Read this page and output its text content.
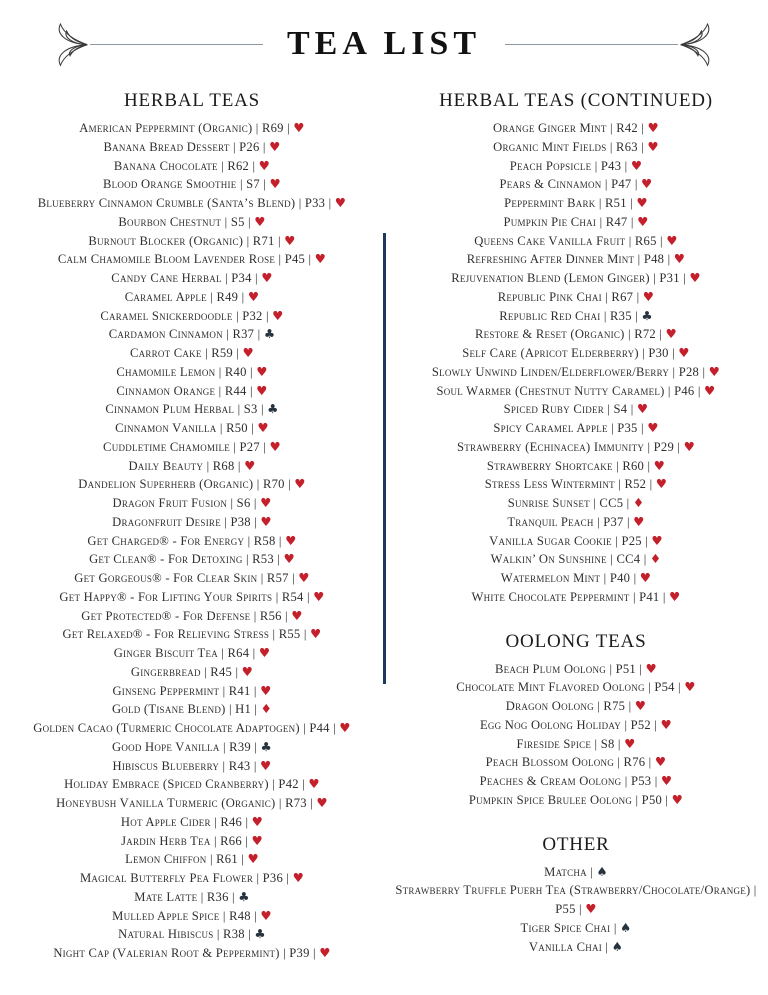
TEA LIST
HERBAL TEAS
American Peppermint (Organic) | R69 | ♥
Banana Bread Dessert | P26 | ♥
Banana Chocolate | R62 | ♥
Blood Orange Smoothie | S7 | ♥
Blueberry Cinnamon Crumble (Santa’s Blend) | P33 | ♥
Bourbon Chestnut | S5 | ♥
Burnout Blocker (Organic) | R71 | ♥
Calm Chamomile Bloom Lavender Rose | P45 | ♥
Candy Cane Herbal | P34 | ♥
Caramel Apple | R49 | ♥
Caramel Snickerdoodle | P32 | ♥
Cardamon Cinnamon | R37 | ♣
Carrot Cake | R59 | ♥
Chamomile Lemon | R40 | ♥
Cinnamon Orange | R44 | ♥
Cinnamon Plum Herbal | S3 | ♣
Cinnamon Vanilla | R50 | ♥
Cuddletime Chamomile | P27 | ♥
Daily Beauty | R68 | ♥
Dandelion Superherb (Organic) | R70 | ♥
Dragon Fruit Fusion | S6 | ♥
Dragonfruit Desire | P38 | ♥
Get Charged® - For Energy | R58 | ♥
Get Clean® - For Detoxing | R53 | ♥
Get Gorgeous® - For Clear Skin | R57 | ♥
Get Happy® - For Lifting Your Spirits | R54 | ♥
Get Protected® - For Defense | R56 | ♥
Get Relaxed® - For Relieving Stress | R55 | ♥
Ginger Biscuit Tea | R64 | ♥
Gingerbread | R45 | ♥
Ginseng Peppermint | R41 | ♥
Gold (Tisane Blend) | H1 | ♦
Golden Cacao (Turmeric Chocolate Adaptogen) | P44 | ♥
Good Hope Vanilla | R39 | ♣
Hibiscus Blueberry | R43 | ♥
Holiday Embrace (Spiced Cranberry) | P42 | ♥
Honeybush Vanilla Turmeric (Organic) | R73 | ♥
Hot Apple Cider | R46 | ♥
Jardin Herb Tea | R66 | ♥
Lemon Chiffon | R61 | ♥
Magical Butterfly Pea Flower | P36 | ♥
Mate Latte | R36 | ♣
Mulled Apple Spice | R48 | ♥
Natural Hibiscus | R38 | ♣
Night Cap (Valerian Root & Peppermint) | P39 | ♥
HERBAL TEAS (CONTINUED)
Orange Ginger Mint | R42 | ♥
Organic Mint Fields | R63 | ♥
Peach Popsicle | P43 | ♥
Pears & Cinnamon | P47 | ♥
Peppermint Bark | R51 | ♥
Pumpkin Pie Chai | R47 | ♥
Queens Cake Vanilla Fruit | R65 | ♥
Refreshing After Dinner Mint | P48 | ♥
Rejuvenation Blend (Lemon Ginger) | P31 | ♥
Republic Pink Chai | R67 | ♥
Republic Red Chai | R35 | ♣
Restore & Reset (Organic) | R72 | ♥
Self Care (Apricot Elderberry) | P30 | ♥
Slowly Unwind Linden/​Elderflower/​Berry | P28 | ♥
Soul Warmer (Chestnut Nutty Caramel) | P46 | ♥
Spiced Ruby Cider | S4 | ♥
Spicy Caramel Apple | P35 | ♥
Strawberry (Echinacea) Immunity | P29 | ♥
Strawberry Shortcake | R60 | ♥
Stress Less Wintermint | R52 | ♥
Sunrise Sunset | CC5 | ♦
Tranquil Peach | P37 | ♥
Vanilla Sugar Cookie | P25 | ♥
Walkin’ On Sunshine | CC4 | ♦
Watermelon Mint | P40 | ♥
White Chocolate Peppermint | P41 | ♥
OOLONG TEAS
Beach Plum Oolong | P51 | ♥
Chocolate Mint Flavored Oolong | P54 | ♥
Dragon Oolong | R75 | ♥
Egg Nog Oolong Holiday | P52 | ♥
Fireside Spice | S8 | ♥
Peach Blossom Oolong | R76 | ♥
Peaches & Cream Oolong | P53 | ♥
Pumpkin Spice Brulee Oolong | P50 | ♥
OTHER
Matcha | ♠
Strawberry Truffle Puerh Tea (Strawberry/​Chocolate/​Orange) | P55 | ♥
Tiger Spice Chai | ♠
Vanilla Chai | ♠
